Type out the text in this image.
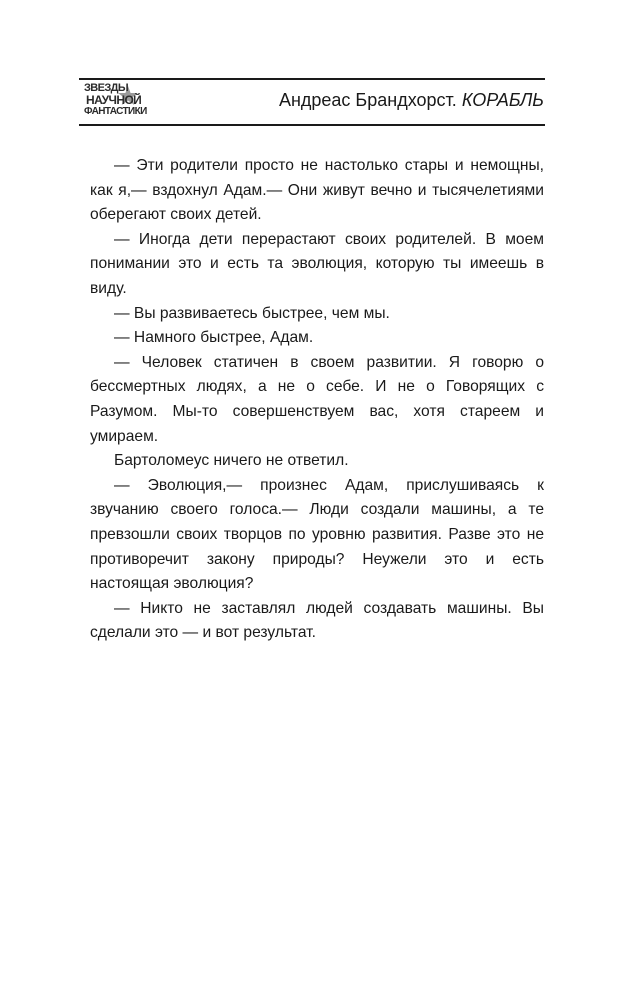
ЗВЕЗДЫ
НАУЧНОЙ
ФАНТАСТИКИ
Андреас Брандхорст. КОРАБЛЬ

— Эти родители просто не настолько стары и немощны, как я,— вздохнул Адам.— Они живут вечно и тысячелетиями оберегают своих детей.

— Иногда дети перерастают своих родителей. В моем понимании это и есть та эволюция, которую ты имеешь в виду.

— Вы развиваетесь быстрее, чем мы.

— Намного быстрее, Адам.

— Человек статичен в своем развитии. Я говорю о бессмертных людях, а не о себе. И не о Говорящих с Разумом. Мы-то совершенствуем вас, хотя стареем и умираем.

Бартоломеус ничего не ответил.

— Эволюция,— произнес Адам, прислушиваясь к звучанию своего голоса.— Люди создали машины, а те превзошли своих творцов по уровню развития. Разве это не противоречит закону природы? Неужели это и есть настоящая эволюция?

— Никто не заставлял людей создавать машины. Вы сделали это — и вот результат.
